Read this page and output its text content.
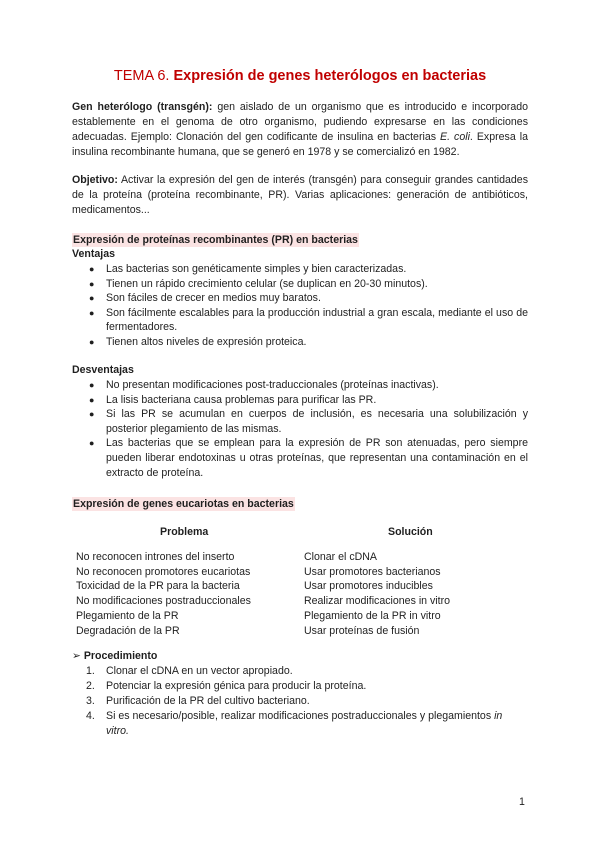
TEMA 6. Expresión de genes heterólogos en bacterias
Gen heterólogo (transgén): gen aislado de un organismo que es introducido e incorporado establemente en el genoma de otro organismo, pudiendo expresarse en las condiciones adecuadas. Ejemplo: Clonación del gen codificante de insulina en bacterias E. coli. Expresa la insulina recombinante humana, que se generó en 1978 y se comercializó en 1982.
Objetivo: Activar la expresión del gen de interés (transgén) para conseguir grandes cantidades de la proteína (proteína recombinante, PR). Varias aplicaciones: generación de antibióticos, medicamentos...
Expresión de proteínas recombinantes (PR) en bacterias
Ventajas
● Las bacterias son genéticamente simples y bien caracterizadas.
● Tienen un rápido crecimiento celular (se duplican en 20-30 minutos).
● Son fáciles de crecer en medios muy baratos.
● Son fácilmente escalables para la producción industrial a gran escala, mediante el uso de fermentadores.
● Tienen altos niveles de expresión proteica.
Desventajas
● No presentan modificaciones post-traduccionales (proteínas inactivas).
● La lisis bacteriana causa problemas para purificar las PR.
● Si las PR se acumulan en cuerpos de inclusión, es necesaria una solubilización y posterior plegamiento de las mismas.
● Las bacterias que se emplean para la expresión de PR son atenuadas, pero siempre pueden liberar endotoxinas u otras proteínas, que representan una contaminación en el extracto de proteína.
Expresión de genes eucariotas en bacterias
Problema	Solución
No reconocen intrones del inserto
No reconocen promotores eucariotas
Toxicidad de la PR para la bacteria
No modificaciones postraduccionales
Plegamiento de la PR
Degradación de la PR
Clonar el cDNA
Usar promotores bacterianos
Usar promotores inducibles
Realizar modificaciones in vitro
Plegamiento de la PR in vitro
Usar proteínas de fusión
➢ Procedimiento
1. Clonar el cDNA en un vector apropiado.
2. Potenciar la expresión génica para producir la proteína.
3. Purificación de la PR del cultivo bacteriano.
4. Si es necesario/posible, realizar modificaciones postraduccionales y plegamientos in vitro.
1
